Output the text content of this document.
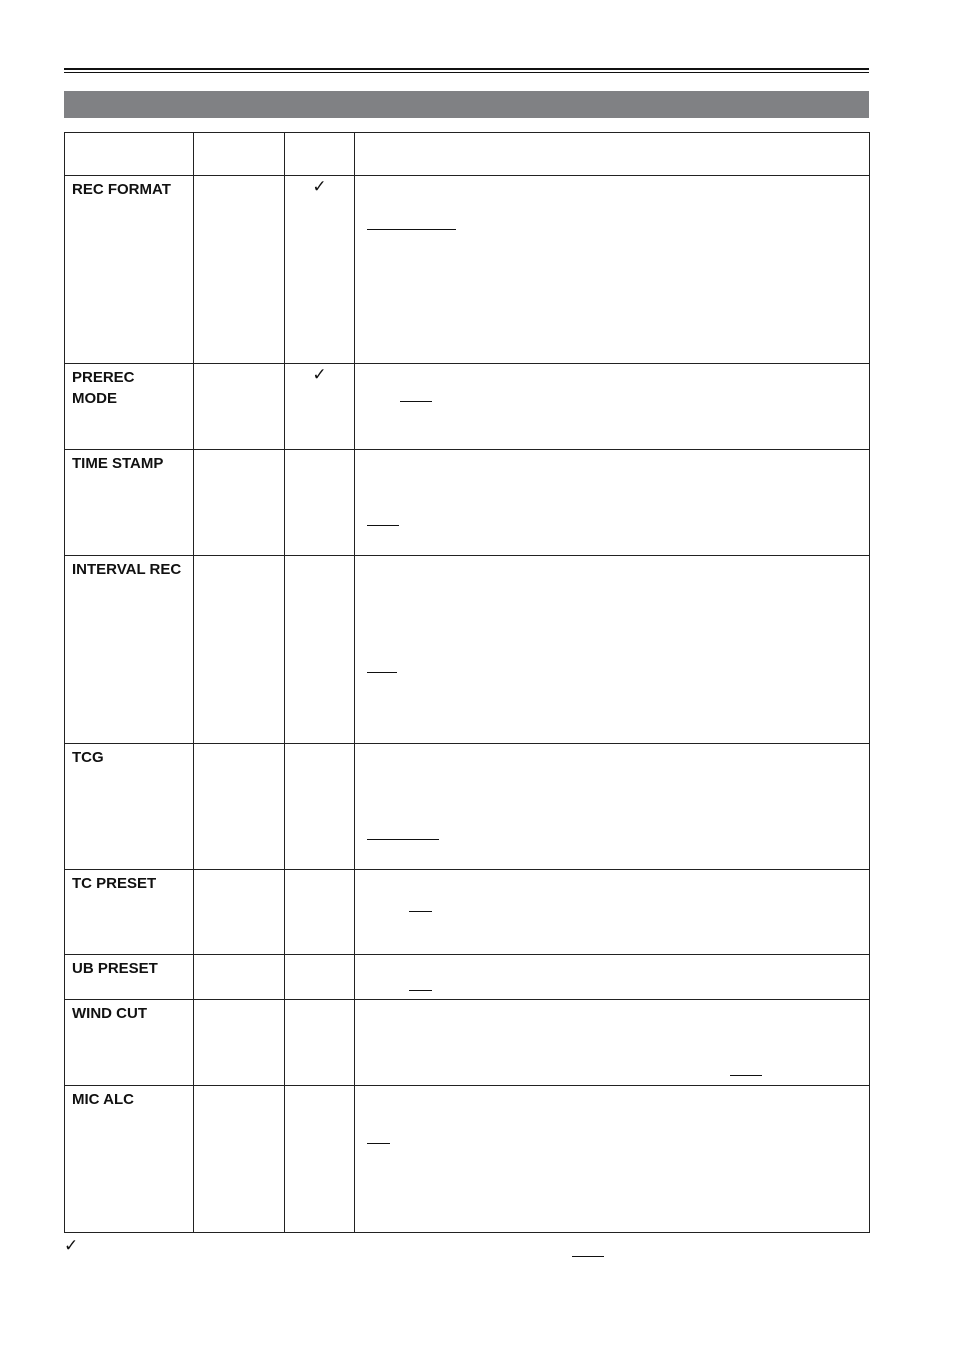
REC FORMAT		✓	

PREREC
MODE		✓	

TIME STAMP			

INTERVAL REC			

TCG			

TC PRESET			

UB PRESET			

WIND CUT			

MIC ALC			

✓
